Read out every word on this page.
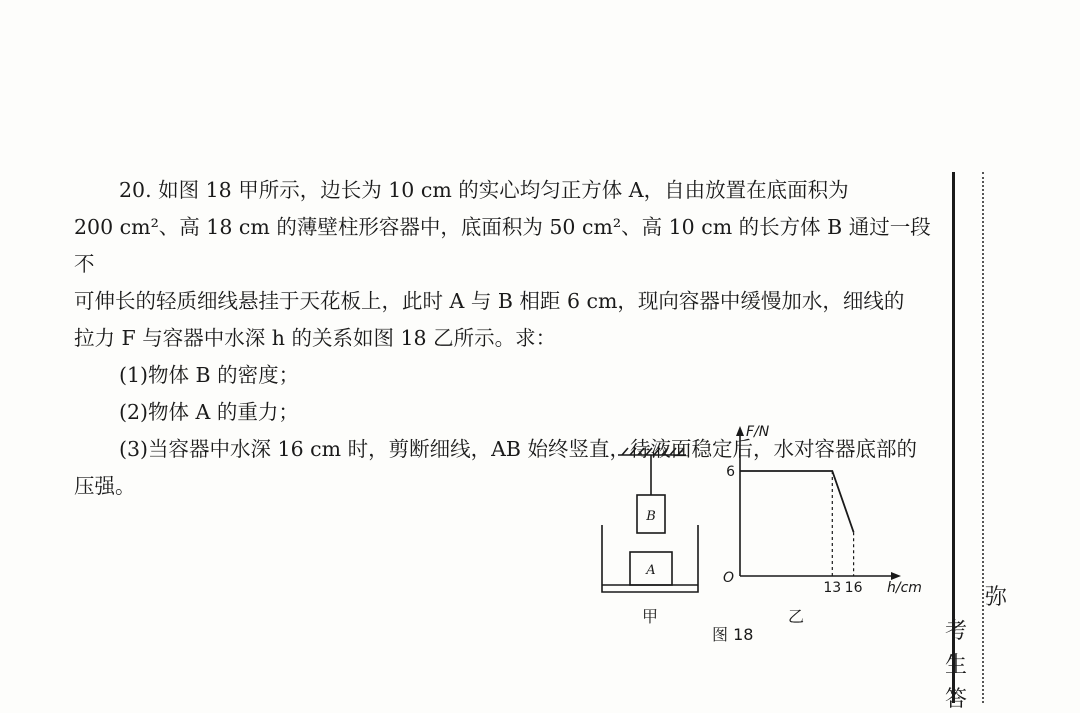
20. 如图 18 甲所示，边长为 10 cm 的实心均匀正方体 A，自由放置在底面积为

200 cm²、高 18 cm 的薄壁柱形容器中，底面积为 50 cm²、高 10 cm 的长方体 B 通过一段不

可伸长的轻质细线悬挂于天花板上，此时 A 与 B 相距 6 cm，现向容器中缓慢加水，细线的

拉力 F 与容器中水深 h 的关系如图 18 乙所示。求：

(1)物体 B 的密度；

(2)物体 A 的重力；

(3)当容器中水深 16 cm 时，剪断细线，AB 始终竖直，待液面稳定后，水对容器底部的

压强。

B
A
甲
F/N
h/cm
O
13 16
6
乙
图 18
弥
考
生
答
